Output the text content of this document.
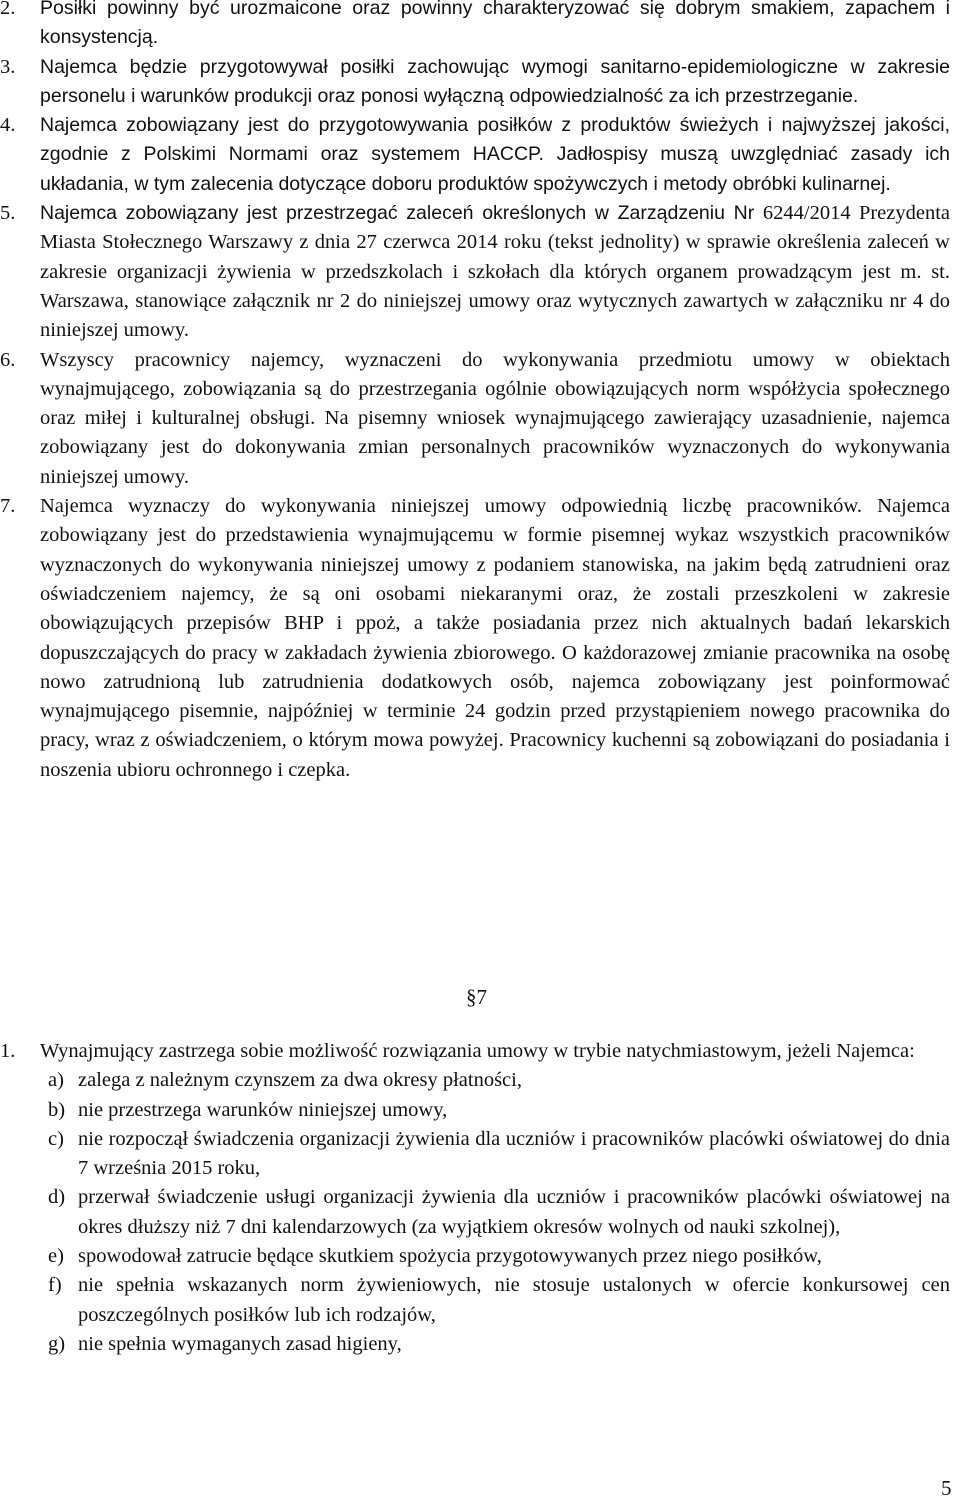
2. Posiłki powinny być urozmaicone oraz powinny charakteryzować się dobrym smakiem, zapachem i konsystencją.
3. Najemca będzie przygotowywał posiłki zachowując wymogi sanitarno-epidemiologiczne w zakresie personelu i warunków produkcji oraz ponosi wyłączną odpowiedzialność za ich przestrzeganie.
4. Najemca zobowiązany jest do przygotowywania posiłków z produktów świeżych i najwyższej jakości, zgodnie z Polskimi Normami oraz systemem HACCP. Jadłospisy muszą uwzględniać zasady ich układania, w tym zalecenia dotyczące doboru produktów spożywczych i metody obróbki kulinarnej.
5. Najemca zobowiązany jest przestrzegać zaleceń określonych w Zarządzeniu Nr 6244/2014 Prezydenta Miasta Stołecznego Warszawy z dnia 27 czerwca 2014 roku (tekst jednolity) w sprawie określenia zaleceń w zakresie organizacji żywienia w przedszkolach i szkołach dla których organem prowadzącym jest m. st. Warszawa, stanowiące załącznik nr 2 do niniejszej umowy oraz wytycznych zawartych w załączniku nr 4 do niniejszej umowy.
6. Wszyscy pracownicy najemcy, wyznaczeni do wykonywania przedmiotu umowy w obiektach wynajmującego, zobowiązania są do przestrzegania ogólnie obowiązujących norm współżycia społecznego oraz miłej i kulturalnej obsługi. Na pisemny wniosek wynajmującego zawierający uzasadnienie, najemca zobowiązany jest do dokonywania zmian personalnych pracowników wyznaczonych do wykonywania niniejszej umowy.
7. Najemca wyznaczy do wykonywania niniejszej umowy odpowiednią liczbę pracowników. Najemca zobowiązany jest do przedstawienia wynajmującemu w formie pisemnej wykaz wszystkich pracowników wyznaczonych do wykonywania niniejszej umowy z podaniem stanowiska, na jakim będą zatrudnieni oraz oświadczeniem najemcy, że są oni osobami niekaranymi oraz, że zostali przeszkoleni w zakresie obowiązujących przepisów BHP i ppoż, a także posiadania przez nich aktualnych badań lekarskich dopuszczających do pracy w zakładach żywienia zbiorowego. O każdorazowej zmianie pracownika na osobę nowo zatrudnioną lub zatrudnienia dodatkowych osób, najemca zobowiązany jest poinformować wynajmującego pisemnie, najpóźniej w terminie 24 godzin przed przystąpieniem nowego pracownika do pracy, wraz z oświadczeniem, o którym mowa powyżej. Pracownicy kuchenni są zobowiązani do posiadania i noszenia ubioru ochronnego i czepka.
§7
1. Wynajmujący zastrzega sobie możliwość rozwiązania umowy w trybie natychmiastowym, jeżeli Najemca:
a) zalega z należnym czynszem za dwa okresy płatności,
b) nie przestrzega warunków niniejszej umowy,
c) nie rozpoczął świadczenia organizacji żywienia dla uczniów i pracowników placówki oświatowej do dnia 7 września 2015 roku,
d) przerwał świadczenie usługi organizacji żywienia dla uczniów i pracowników placówki oświatowej na okres dłuższy niż 7 dni kalendarzowych (za wyjątkiem okresów wolnych od nauki szkolnej),
e) spowodował zatrucie będące skutkiem spożycia przygotowywanych przez niego posiłków,
f) nie spełnia wskazanych norm żywieniowych, nie stosuje ustalonych w ofercie konkursowej cen poszczególnych posiłków lub ich rodzajów,
g) nie spełnia wymaganych zasad higieny,
5
